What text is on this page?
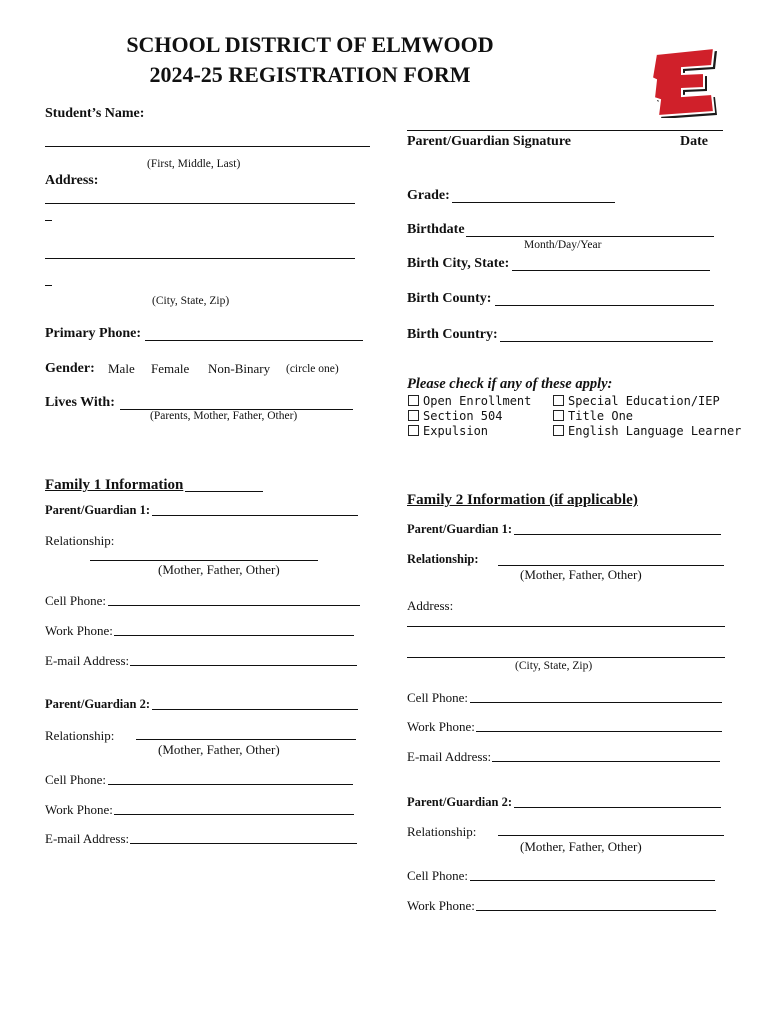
SCHOOL DISTRICT OF ELMWOOD
2024-25 REGISTRATION FORM
Student’s Name:
(First, Middle, Last)
Address:
(City, State, Zip)
Primary Phone:
Gender: Male Female Non-Binary (circle one)
Lives With:
(Parents, Mother, Father, Other)
Parent/Guardian Signature	Date
Grade:
Birthdate
Month/Day/Year
Birth City, State:
Birth County:
Birth Country:
Please check if any of these apply:
Open Enrollment
Section 504
Expulsion
Special Education/IEP
Title One
English Language Learner
Family 1 Information
Parent/Guardian 1:
Relationship:
(Mother, Father, Other)
Cell Phone:
Work Phone:
E-mail Address:
Parent/Guardian 2:
Relationship:
(Mother, Father, Other)
Cell Phone:
Work Phone:
E-mail Address:
Family 2 Information (if applicable)
Parent/Guardian 1:
Relationship:
(Mother, Father, Other)
Address:
(City, State, Zip)
Cell Phone:
Work Phone:
E-mail Address:
Parent/Guardian 2:
Relationship:
(Mother, Father, Other)
Cell Phone:
Work Phone:
